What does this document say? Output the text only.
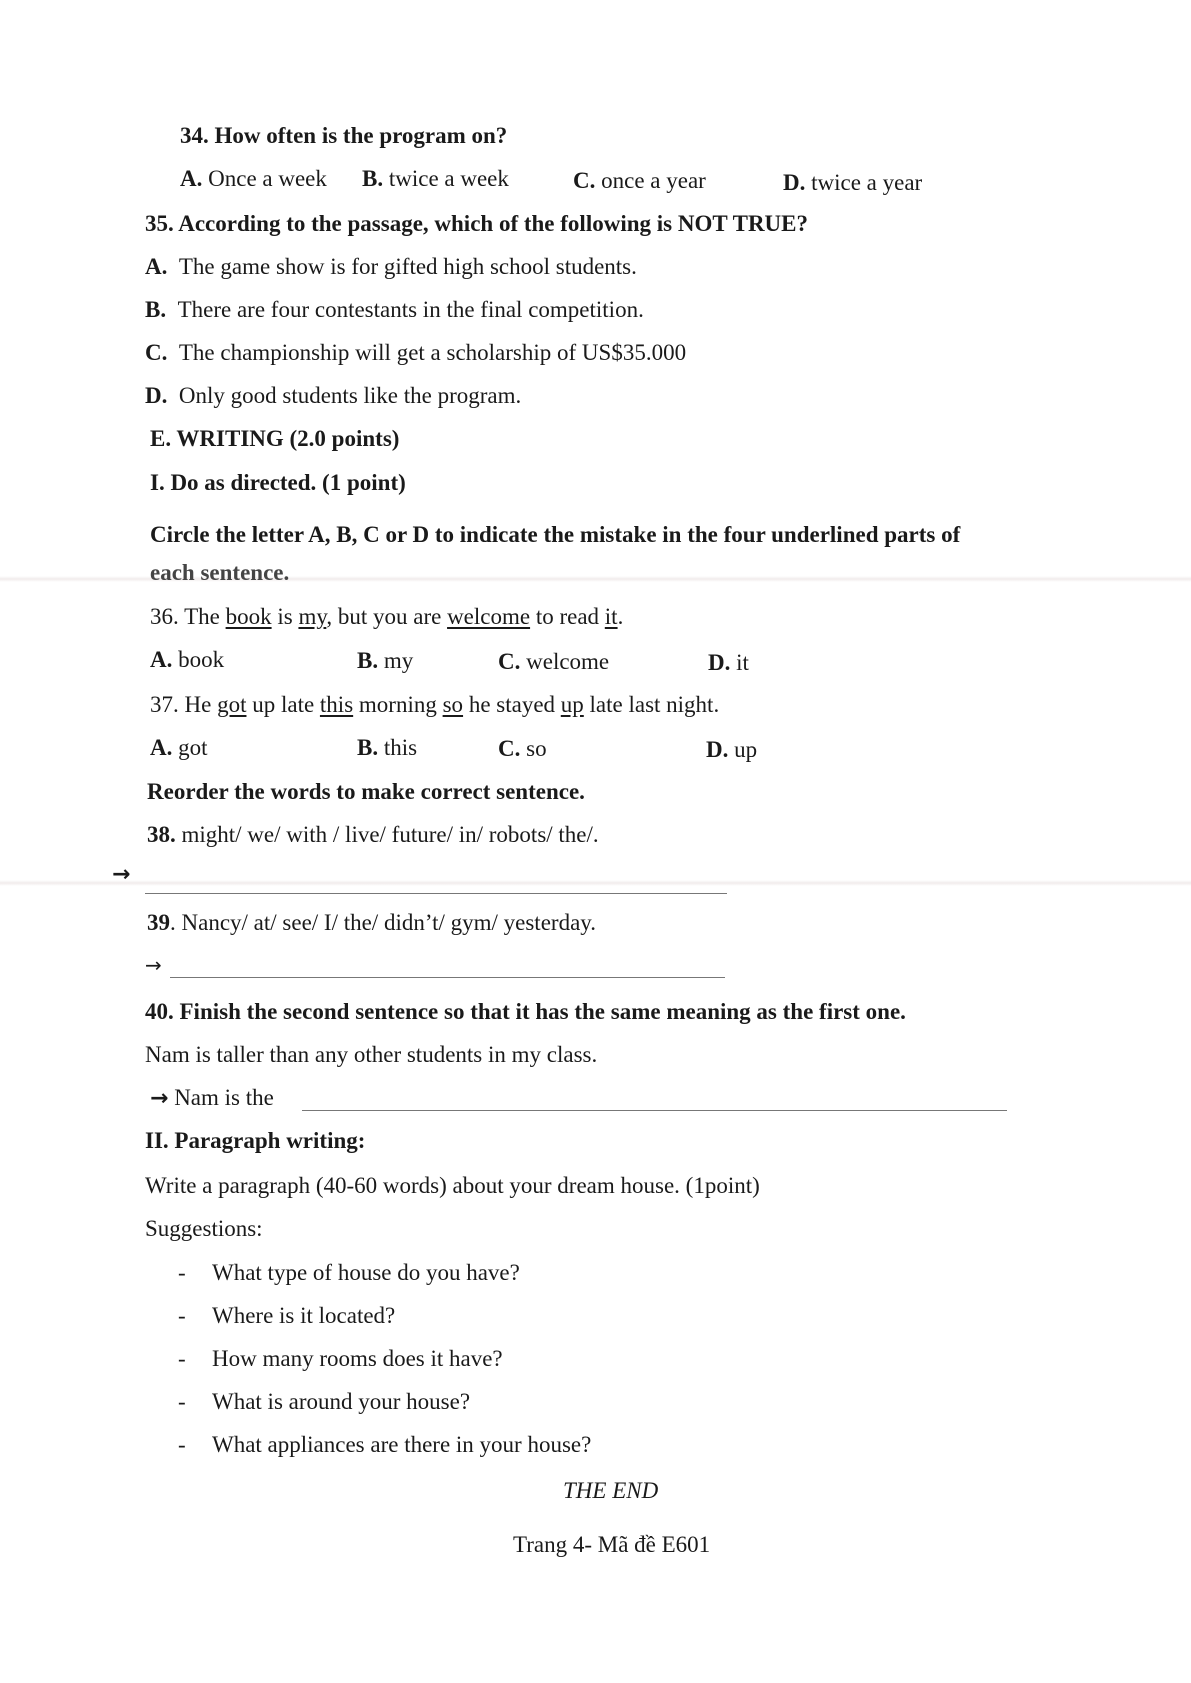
34. How often is the program on?
A. Once a week B. twice a week	C. once a year	D. twice a year
35. According to the passage, which of the following is NOT TRUE?
A. The game show is for gifted high school students.
B. There are four contestants in the final competition.
C. The championship will get a scholarship of US$35.000
D. Only good students like the program.
E. WRITING (2.0 points)
I. Do as directed. (1 point)
Circle the letter A, B, C or D to indicate the mistake in the four underlined parts of
each sentence.
36. The book is my, but you are welcome to read it.
A. book	B. my	C. welcome	D. it
37. He got up late this morning so he stayed up late last night.
A. got	B. this	C. so	D. up
Reorder the words to make correct sentence.
38. might/ we/ with / live/ future/ in/ robots/ the/.
→
39. Nancy/ at/ see/ I/ the/ didn’t/ gym/ yesterday.
→
40. Finish the second sentence so that it has the same meaning as the first one.
Nam is taller than any other students in my class.
→ Nam is the
II. Paragraph writing:
Write a paragraph (40-60 words) about your dream house. (1point)
Suggestions:
- What type of house do you have?
- Where is it located?
- How many rooms does it have?
- What is around your house?
- What appliances are there in your house?
THE END
Trang 4- Mã đề E601
